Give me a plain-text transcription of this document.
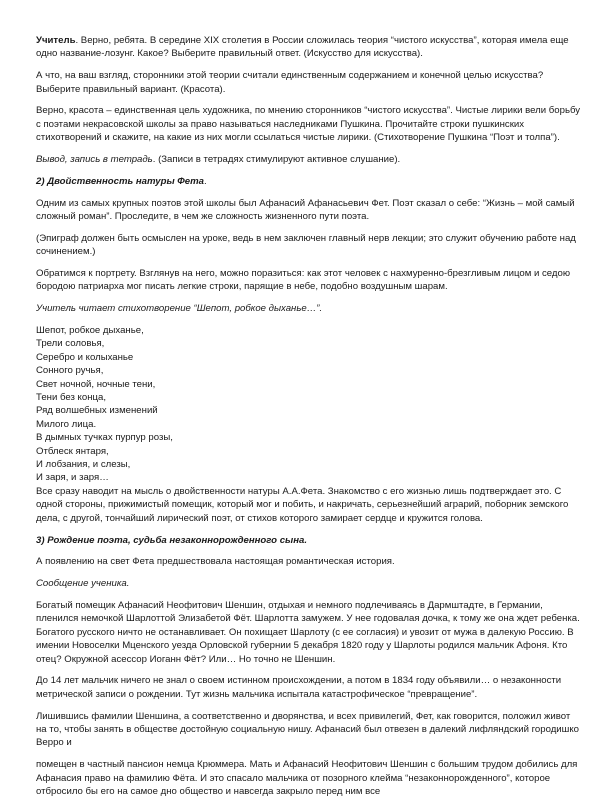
Учитель. Верно, ребята. В середине XIX столетия в России сложилась теория “чистого искусства”, которая имела еще одно название-лозунг. Какое? Выберите правильный ответ. (Искусство для искусства).

А что, на ваш взгляд, сторонники этой теории считали единственным содержанием и конечной целью искусства? Выберите правильный вариант. (Красота).

Верно, красота – единственная цель художника, по мнению сторонников “чистого искусства”. Чистые лирики вели борьбу с поэтами некрасовской школы за право называться наследниками Пушкина. Прочитайте строки пушкинских стихотворений и скажите, на какие из них могли ссылаться чистые лирики. (Стихотворение Пушкина “Поэт и толпа”).

Вывод, запись в тетрадь. (Записи в тетрадях стимулируют активное слушание).

2) Двойственность натуры Фета.

Одним из самых крупных поэтов этой школы был Афанасий Афанасьевич Фет. Поэт сказал о себе: “Жизнь – мой самый сложный роман”. Проследите, в чем же сложность жизненного пути поэта.

(Эпиграф должен быть осмыслен на уроке, ведь в нем заключен главный нерв лекции; это служит обучению работе над сочинением.)

Обратимся к портрету. Взглянув на него, можно поразиться: как этот человек с нахмуренно-брезгливым лицом и седою бородою патриарха мог писать легкие строки, парящие в небе, подобно воздушным шарам.

Учитель читает стихотворение “Шепот, робкое дыханье…”.

Шепот, робкое дыханье,
Трели соловья,
Серебро и колыханье
Сонного ручья,
Свет ночной, ночные тени,
Тени без конца,
Ряд волшебных изменений
Милого лица.
В дымных тучках пурпур розы,
Отблеск янтаря,
И лобзания, и слезы,
И заря, и заря…

Все сразу наводит на мысль о двойственности натуры А.А.Фета. Знакомство с его жизнью лишь подтверждает это. С одной стороны, прижимистый помещик, который мог и побить, и накричать, серьезнейший аграрий, поборник земского дела, с другой, тончайший лирический поэт, от стихов которого замирает сердце и кружится голова.

3) Рождение поэта, судьба незаконнорожденного сына.

А появлению на свет Фета предшествовала настоящая романтическая история.

Сообщение ученика.

Богатый помещик Афанасий Неофитович Шеншин, отдыхая и немного подлечиваясь в Дармштадте, в Германии, пленился немочкой Шарлоттой Элизабетой Фёт. Шарлотта замужем. У нее годовалая дочка, к тому же она ждет ребенка. Богатого русского ничто не останавливает. Он похищает Шарлоту (с ее согласия) и увозит от мужа в далекую Россию. В имении Новоселки Мценского уезда Орловской губернии 5 декабря 1820 году у Шарлоты родился мальчик Афоня. Кто отец? Окружной асессор Иоганн Фёт? Или… Но точно не Шеншин.

До 14 лет мальчик ничего не знал о своем истинном происхождении, а потом в 1834 году объявили… о незаконности метрической записи о рождении. Тут жизнь мальчика испытала катастрофическое “превращение”.

Лишившись фамилии Шеншина, а соответственно и дворянства, и всех привилегий, Фет, как говорится, положил живот на то, чтобы занять в обществе достойную социальную нишу. Афанасий был отвезен в далекий лифляндский городишко Верро и

помещен в частный пансион немца Крюммера. Мать и Афанасий Неофитович Шеншин с большим трудом добились для Афанасия право на фамилию Фёта. И это спасало мальчика от позорного клейма “незаконнорожденного”, которое отбросило бы его на самое дно общество и навсегда закрыло перед ним все
